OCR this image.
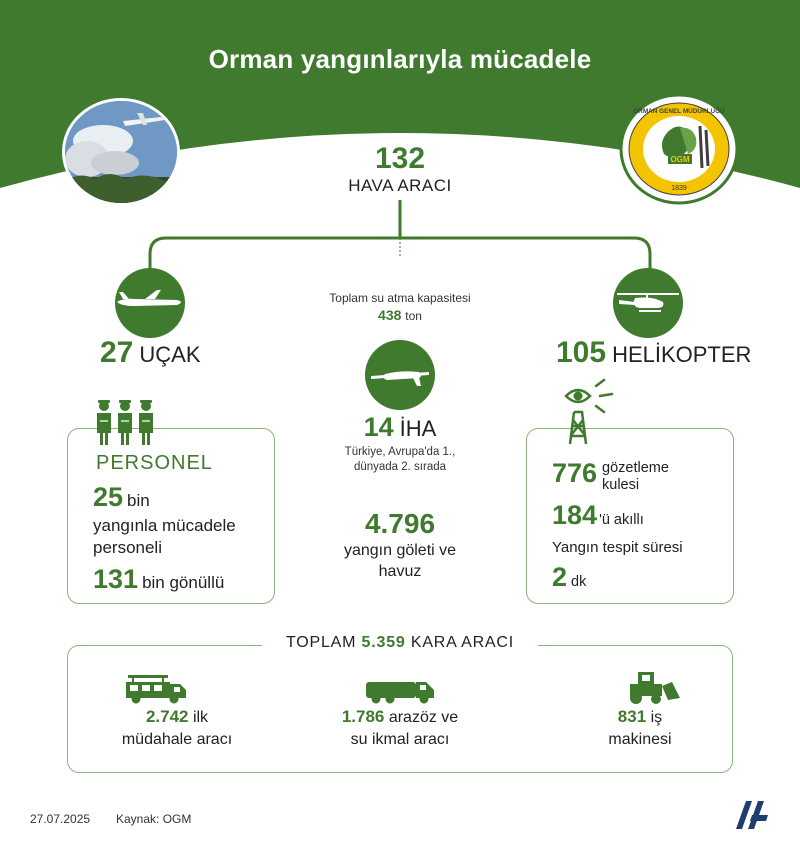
Orman yangınlarıyla mücadele
OGM
1839
ORMAN GENEL MÜDÜRLÜĞÜ
132
HAVA ARACI
Toplam su atma kapasitesi
438 ton
27 UÇAK	105 HELİKOPTER
14 İHA
Türkiye, Avrupa'da 1.,
dünyada 2. sırada
4.796
yangın göleti ve
havuz
PERSONEL
25 bin
yangınla mücadele
personeli
131 bin gönüllü
776 gözetleme
kulesi
184 'ü akıllı
Yangın tespit süresi
2 dk
TOPLAM 5.359 KARA ARACI
2.742 ilk
müdahale aracı
1.786 arazöz ve
su ikmal aracı
831 iş
makinesi
27.07.2025 Kaynak: OGM
